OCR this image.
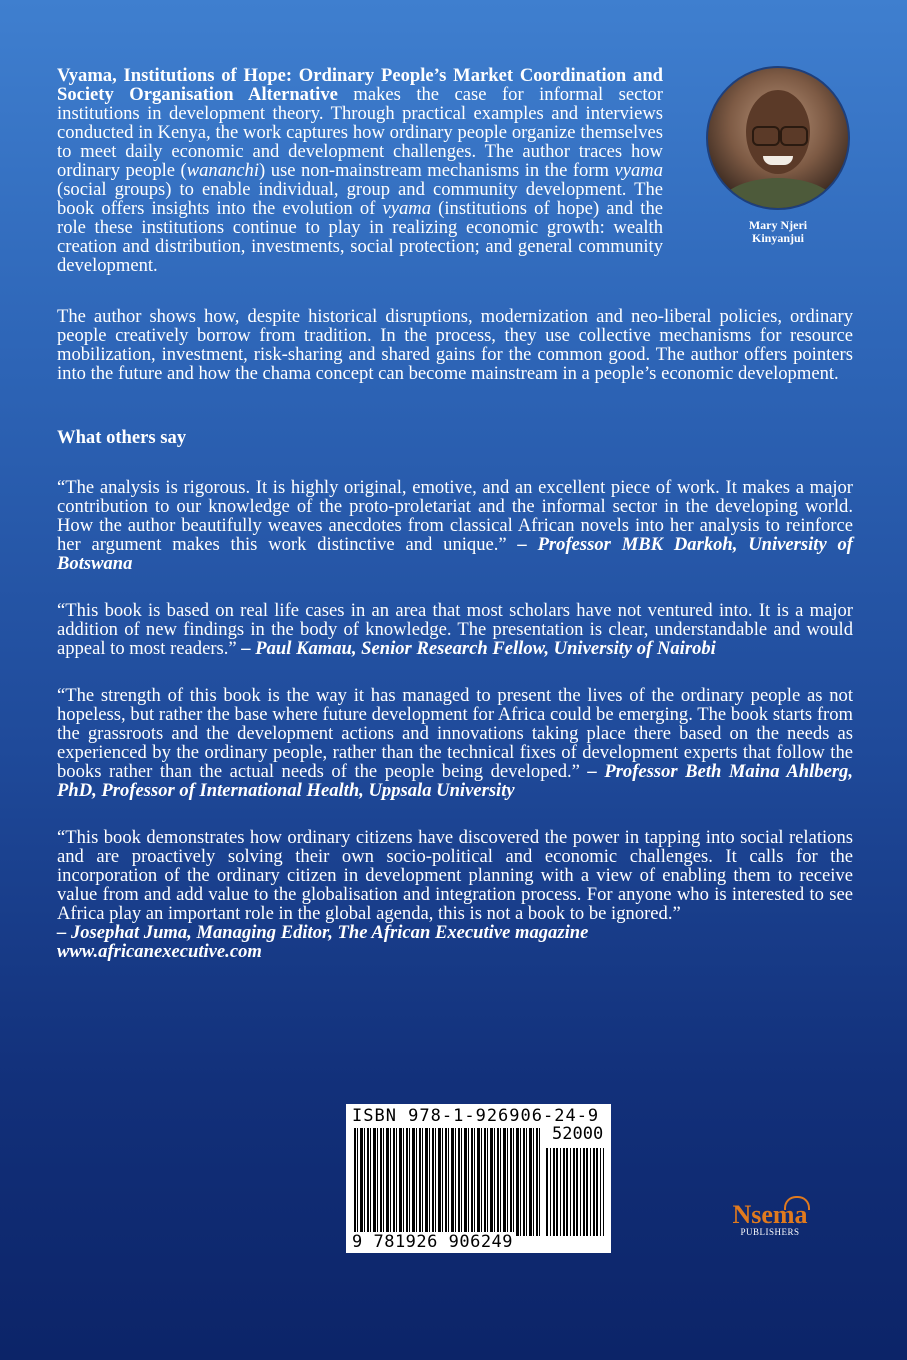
Mary Njeri
Kinyanjui

Vyama, Institutions of Hope: Ordinary People’s Market Coordination and Society Organisation Alternative makes the case for informal sector institutions in development theory. Through practical examples and interviews conducted in Kenya, the work captures how ordinary people organize themselves to meet daily economic and development challenges. The author traces how ordinary people (wananchi) use non-mainstream mechanisms in the form vyama (social groups) to enable individual, group and community development. The book offers insights into the evolution of vyama (institutions of hope) and the role these institutions continue to play in realizing economic growth: wealth creation and distribution, investments, social protection; and general community development.

The author shows how, despite historical disruptions, modernization and neo-liberal policies, ordinary people creatively borrow from tradition. In the process, they use collective mechanisms for resource mobilization, investment, risk-sharing and shared gains for the common good. The author offers pointers into the future and how the chama concept can become mainstream in a people’s economic development.

What others say

“The analysis is rigorous. It is highly original, emotive, and an excellent piece of work. It makes a major contribution to our knowledge of the proto-proletariat and the informal sector in the developing world. How the author beautifully weaves anecdotes from classical African novels into her analysis to reinforce her argument makes this work distinctive and unique.” – Professor MBK Darkoh, University of Botswana

“This book is based on real life cases in an area that most scholars have not ventured into. It is a major addition of new findings in the body of knowledge. The presentation is clear, understandable and would appeal to most readers.” – Paul Kamau, Senior Research Fellow, University of Nairobi

“The strength of this book is the way it has managed to present the lives of the ordinary people as not hopeless, but rather the base where future development for Africa could be emerging. The book starts from the grassroots and the development actions and innovations taking place there based on the needs as experienced by the ordinary people, rather than the technical fixes of development experts that follow the books rather than the actual needs of the people being developed.” – Professor Beth Maina Ahlberg, PhD, Professor of International Health, Uppsala University

“This book demonstrates how ordinary citizens have discovered the power in tapping into social relations and are proactively solving their own socio-political and economic challenges. It calls for the incorporation of the ordinary citizen in development planning with a view of enabling them to receive value from and add value to the globalisation and integration process. For anyone who is interested to see Africa play an important role in the global agenda, this is not a book to be ignored.”
– Josephat Juma, Managing Editor, The African Executive magazine
www.africanexecutive.com

ISBN 978-1-926906-24-9
52000
9 781926 906249
Nsema
PUBLISHERS
